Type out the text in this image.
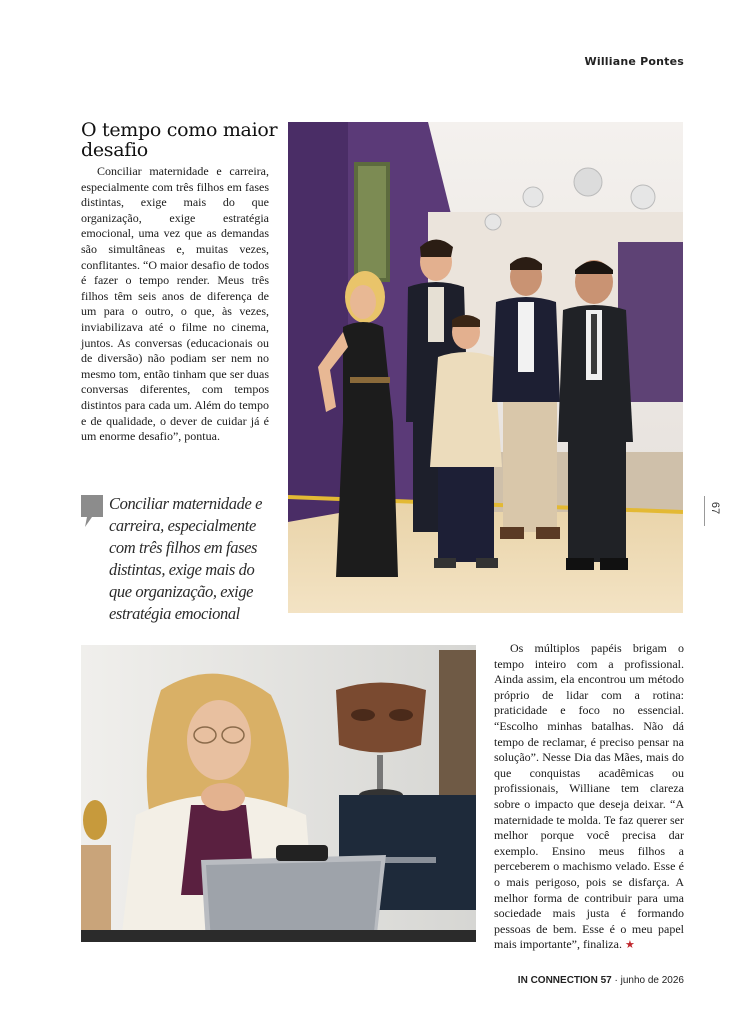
Williane Pontes
O tempo como maior desafio

Conciliar maternidade e carreira, especialmente com três filhos em fases distintas, exige mais do que organização, exige estratégia emocional, uma vez que as demandas são simultâneas e, muitas vezes, conflitantes. “O maior desafio de todos é fazer o tempo render. Meus três filhos têm seis anos de diferença de um para o outro, o que, às vezes, inviabilizava até o filme no cinema, juntos. As conversas (educacionais ou de diversão) não podiam ser nem no mesmo tom, então tinham que ser duas conversas diferentes, com tempos distintos para cada um. Além do tempo e de qualidade, o dever de cuidar já é um enorme desafio”, pontua.

Conciliar maternidade e carreira, especialmente com três filhos em fases distintas, exige mais do que organização, exige estratégia emocional

67

Os múltiplos papéis brigam o tempo inteiro com a profissional. Ainda assim, ela encontrou um método próprio de lidar com a rotina: praticidade e foco no essencial. “Escolho minhas batalhas. Não dá tempo de reclamar, é preciso pensar na solução”. Nesse Dia das Mães, mais do que conquistas acadêmicas ou profissionais, Williane tem clareza sobre o impacto que deseja deixar. “A maternidade te molda. Te faz querer ser melhor porque você precisa dar exemplo. Ensino meus filhos a perceberem o machismo velado. Esse é o mais perigoso, pois se disfarça. A melhor forma de contribuir para uma sociedade mais justa é formando pessoas de bem. Esse é o meu papel mais importante”, finaliza. ★

IN CONNECTION 57 · junho de 2026
